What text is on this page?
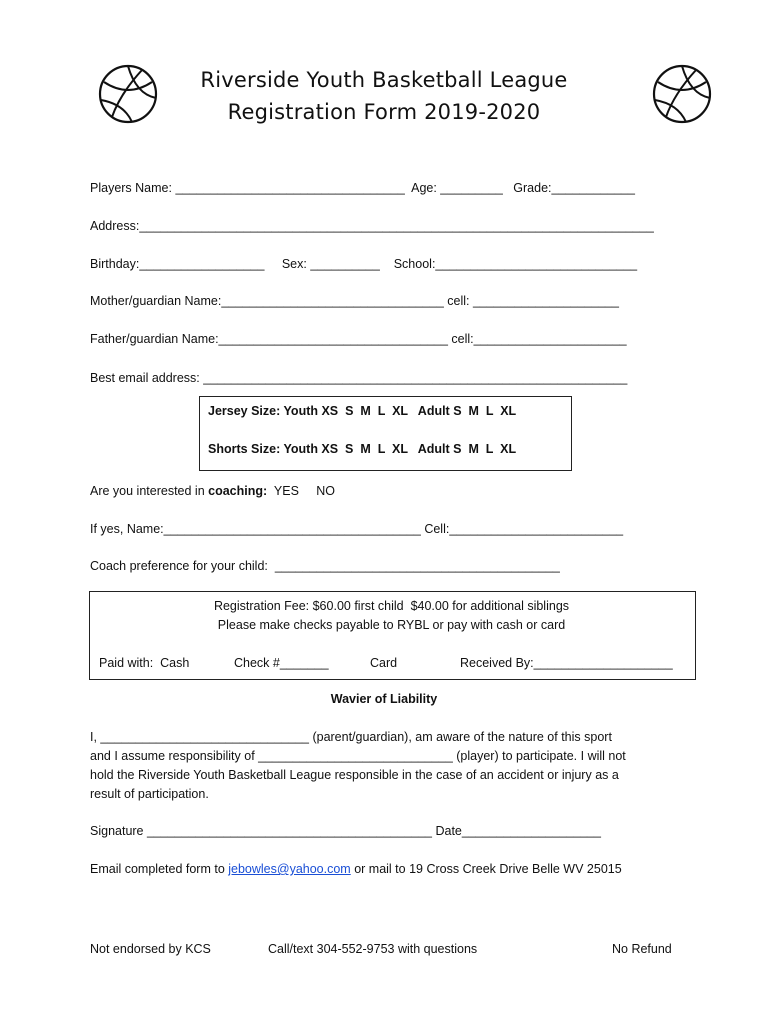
Riverside Youth Basketball League
Registration Form 2019-2020
Players Name: _________________________________  Age: _________   Grade:____________
Address:__________________________________________________________________________
Birthday:__________________     Sex: __________    School:_____________________________
Mother/guardian Name:________________________________ cell: _____________________
Father/guardian Name:_________________________________ cell:______________________
Best email address: _____________________________________________________________
Jersey Size: Youth XS  S  M  L  XL   Adult S  M  L  XL
Shorts Size: Youth XS  S  M  L  XL   Adult S  M  L  XL
Are you interested in coaching:  YES     NO
If yes, Name:_____________________________________ Cell:_________________________
Coach preference for your child:  _________________________________________
Registration Fee: $60.00 first child  $40.00 for additional siblings
Please make checks payable to RYBL or pay with cash or card
Paid with:  Cash	Check #_______	Card	Received By:____________________
Wavier of Liability
I, ______________________________ (parent/guardian), am aware of the nature of this sport
and I assume responsibility of ____________________________ (player) to participate. I will not
hold the Riverside Youth Basketball League responsible in the case of an accident or injury as a
result of participation.
Signature _________________________________________ Date____________________
Email completed form to jebowles@yahoo.com or mail to 19 Cross Creek Drive Belle WV 25015
Not endorsed by KCS	Call/text 304-552-9753 with questions	No Refund
